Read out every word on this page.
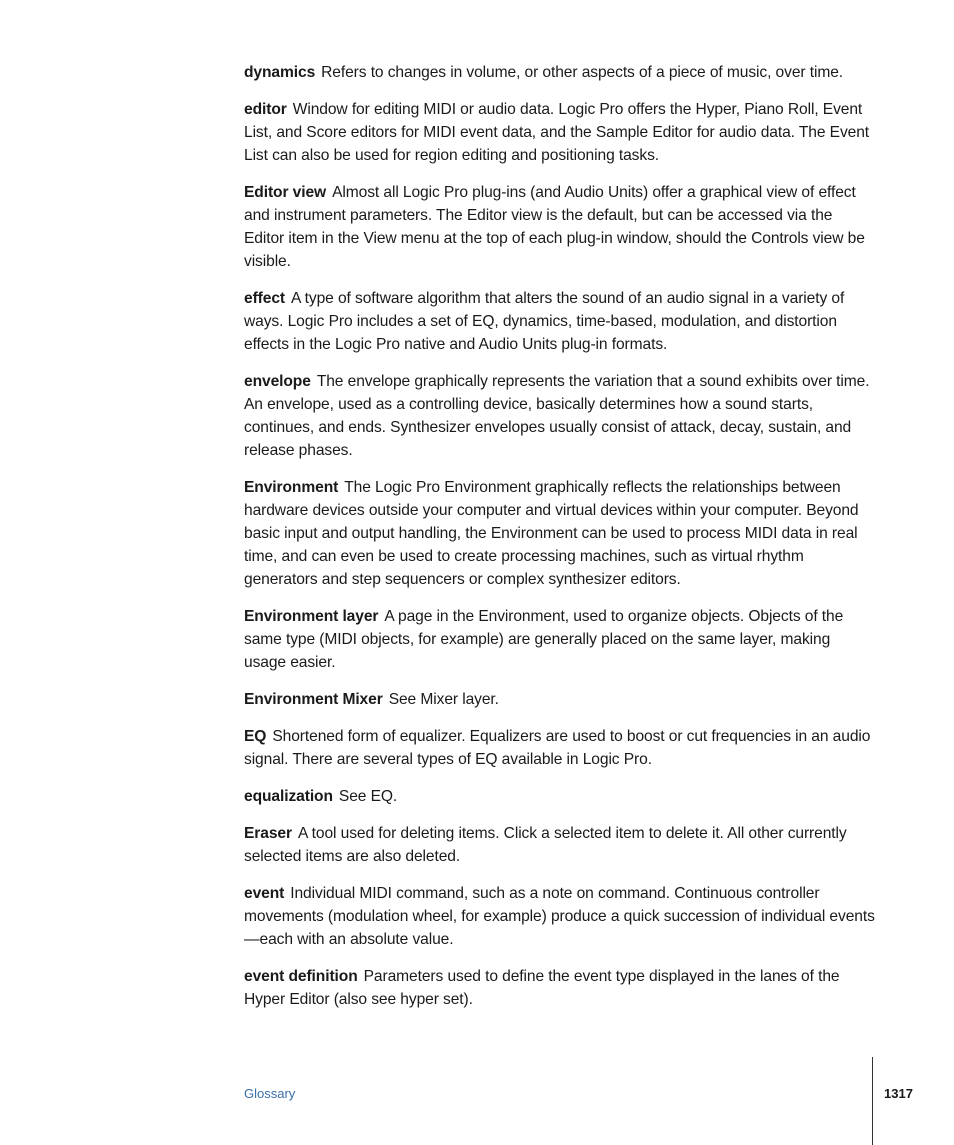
dynamics Refers to changes in volume, or other aspects of a piece of music, over time.

editor Window for editing MIDI or audio data. Logic Pro offers the Hyper, Piano Roll, Event List, and Score editors for MIDI event data, and the Sample Editor for audio data. The Event List can also be used for region editing and positioning tasks.

Editor view Almost all Logic Pro plug-ins (and Audio Units) offer a graphical view of effect and instrument parameters. The Editor view is the default, but can be accessed via the Editor item in the View menu at the top of each plug-in window, should the Controls view be visible.

effect A type of software algorithm that alters the sound of an audio signal in a variety of ways. Logic Pro includes a set of EQ, dynamics, time-based, modulation, and distortion effects in the Logic Pro native and Audio Units plug-in formats.

envelope The envelope graphically represents the variation that a sound exhibits over time. An envelope, used as a controlling device, basically determines how a sound starts, continues, and ends. Synthesizer envelopes usually consist of attack, decay, sustain, and release phases.

Environment The Logic Pro Environment graphically reflects the relationships between hardware devices outside your computer and virtual devices within your computer. Beyond basic input and output handling, the Environment can be used to process MIDI data in real time, and can even be used to create processing machines, such as virtual rhythm generators and step sequencers or complex synthesizer editors.

Environment layer A page in the Environment, used to organize objects. Objects of the same type (MIDI objects, for example) are generally placed on the same layer, making usage easier.

Environment Mixer See Mixer layer.

EQ Shortened form of equalizer. Equalizers are used to boost or cut frequencies in an audio signal. There are several types of EQ available in Logic Pro.

equalization See EQ.

Eraser A tool used for deleting items. Click a selected item to delete it. All other currently selected items are also deleted.

event Individual MIDI command, such as a note on command. Continuous controller movements (modulation wheel, for example) produce a quick succession of individual events—each with an absolute value.

event definition Parameters used to define the event type displayed in the lanes of the Hyper Editor (also see hyper set).

Glossary	1317
